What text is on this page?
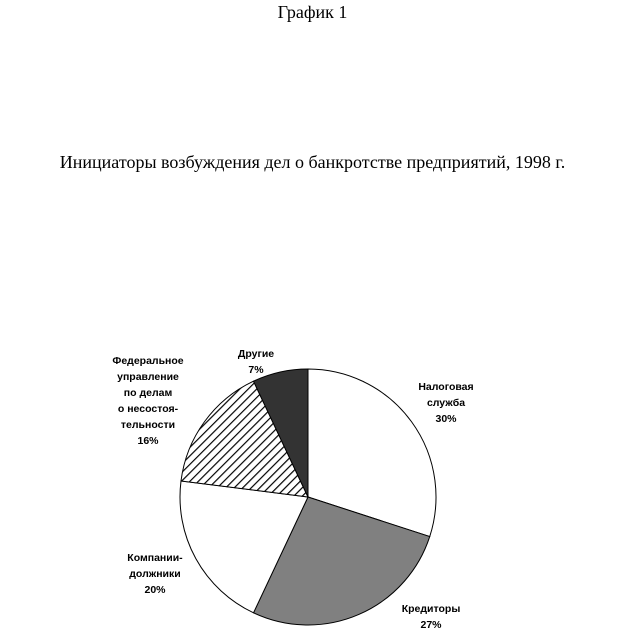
График 1
Инициаторы возбуждения дел о банкротстве предприятий, 1998 г.
Налоговая служба 30%
Кредиторы 27%
Компании-должники 20%
Федеральное управление по делам о несостоя-тельности 16%
Другие 7%
